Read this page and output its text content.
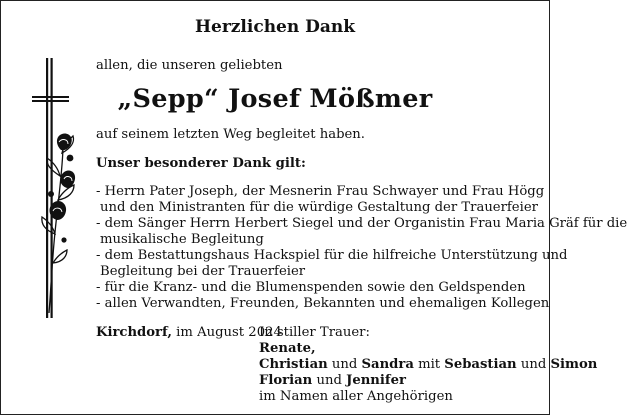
Herzlichen Dank
allen, die unseren geliebten
„Sepp“ Josef Mößmer
auf seinem letzten Weg begleitet haben.
Unser besonderer Dank gilt:
- Herrn Pater Joseph, der Mesnerin Frau Schwayer und Frau Högg
und den Ministranten für die würdige Gestaltung der Trauerfeier
- dem Sänger Herrn Herbert Siegel und der Organistin Frau Maria Gräf für die
musikalische Begleitung
- dem Bestattungshaus Hackspiel für die hilfreiche Unterstützung und
Begleitung bei der Trauerfeier
- für die Kranz- und die Blumenspenden sowie den Geldspenden
- allen Verwandten, Freunden, Bekannten und ehemaligen Kollegen
Kirchdorf, im August 2024
In stiller Trauer:
Renate,
Christian und Sandra mit Sebastian und Simon
Florian und Jennifer
im Namen aller Angehörigen
